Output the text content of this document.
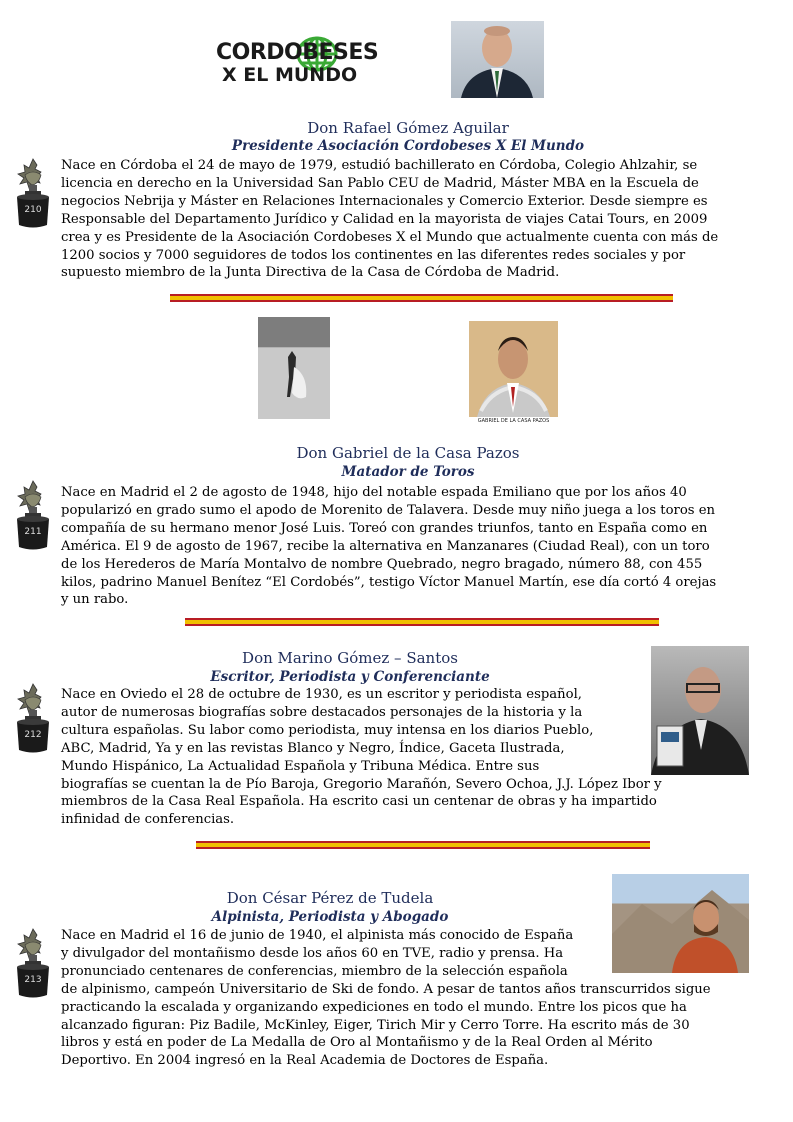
CORDOBESES
X EL MUNDO
Don Rafael Gómez Aguilar
Presidente Asociación Cordobeses X El Mundo
210
Nace en Córdoba el 24 de mayo de 1979, estudió bachillerato en Córdoba, Colegio Ahlzahir, se
licencia en derecho en la Universidad San Pablo CEU de Madrid, Máster MBA en la Escuela de
negocios Nebrija y Máster en Relaciones Internacionales y Comercio Exterior. Desde siempre es
Responsable del Departamento Jurídico y Calidad en la mayorista de viajes Catai Tours, en 2009
crea y es Presidente de la Asociación Cordobeses X el Mundo que actualmente cuenta con más de
1200 socios y 7000 seguidores de todos los continentes en las diferentes redes sociales y por
supuesto miembro de la Junta Directiva de la Casa de Córdoba de Madrid.
GABRIEL DE LA CASA PAZOS
Don Gabriel de la Casa Pazos
Matador de Toros
211
Nace en Madrid el 2 de agosto de 1948, hijo del notable espada Emiliano que por los años 40
popularizó en grado sumo el apodo de Morenito de Talavera. Desde muy niño juega a los toros en
compañía de su hermano menor José Luis. Toreó con grandes triunfos, tanto en España como en
América. El 9 de agosto de 1967, recibe la alternativa en Manzanares (Ciudad Real), con un toro
de los Herederos de María Montalvo de nombre Quebrado, negro bragado, número 88, con 455
kilos, padrino Manuel Benítez “El Cordobés”, testigo Víctor Manuel Martín, ese día cortó 4 orejas
y un rabo.
Don Marino Gómez – Santos
Escritor, Periodista y Conferenciante
212
Nace en Oviedo el 28 de octubre de 1930, es un escritor y periodista español,
autor de numerosas biografías sobre destacados personajes de la historia y la
cultura españolas. Su labor como periodista, muy intensa en los diarios Pueblo,
ABC, Madrid, Ya y en las revistas Blanco y Negro, Índice, Gaceta Ilustrada,
Mundo Hispánico, La Actualidad Española y Tribuna Médica. Entre sus
biografías se cuentan la de Pío Baroja, Gregorio Marañón, Severo Ochoa, J.J. López Ibor y
miembros de la Casa Real Española. Ha escrito casi un centenar de obras y ha impartido
infinidad de conferencias.
Don César Pérez de Tudela
Alpinista, Periodista y Abogado
213
Nace en Madrid el 16 de junio de 1940, el alpinista más conocido de España
y divulgador del montañismo desde los años 60 en TVE, radio y prensa. Ha
pronunciado centenares de conferencias, miembro de la selección española
de alpinismo, campeón Universitario de Ski de fondo. A pesar de tantos años transcurridos sigue
practicando la escalada y organizando expediciones en todo el mundo. Entre los picos que ha
alcanzado figuran: Piz Badile, McKinley, Eiger, Tirich Mir y Cerro Torre. Ha escrito más de 30
libros y está en poder de La Medalla de Oro al Montañismo y de la Real Orden al Mérito
Deportivo. En 2004 ingresó en la Real Academia de Doctores de España.
